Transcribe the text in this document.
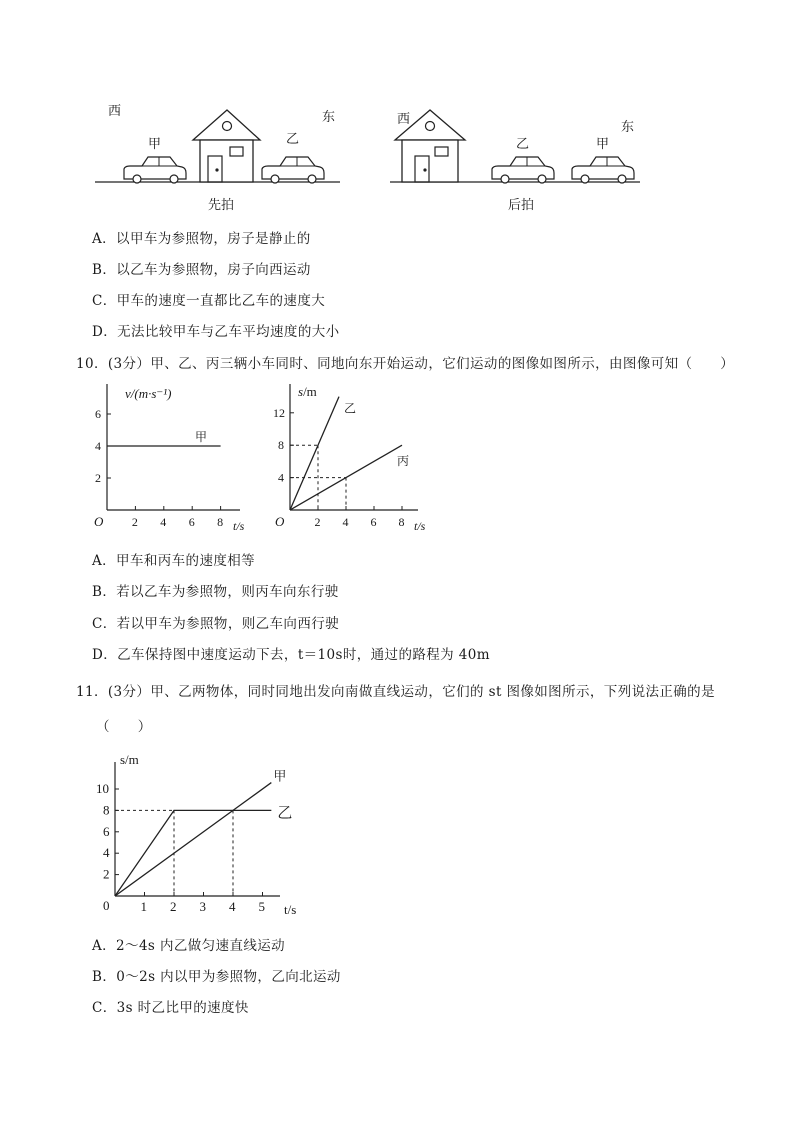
西	东
甲	乙
西
东
乙	甲
先拍	后拍
A．以甲车为参照物，房子是静止的
B．以乙车为参照物，房子向西运动
C．甲车的速度一直都比乙车的速度大
D．无法比较甲车与乙车平均速度的大小
10．(3分）甲、乙、丙三辆小车同时、同地向东开始运动，它们运动的图像如图所示，由图像可知（　　）
2
4
6
2 4 6 8
v/(m·s⁻¹)
t/s
O
甲
4
8
12
2 4 6 8
s/m
t/s
O
乙
丙
A．甲车和丙车的速度相等
B．若以乙车为参照物，则丙车向东行驶
C．若以甲车为参照物，则乙车向西行驶
D．乙车保持图中速度运动下去，t＝10s时，通过的路程为 40m
11．(3分）甲、乙两物体，同时同地出发向南做直线运动，它们的 st 图像如图所示，下列说法正确的是
（　　）
2
4
6
8
10
1 2 3 4 5
s/m
t/s
0
甲
乙
A．2～4s 内乙做匀速直线运动
B．0～2s 内以甲为参照物，乙向北运动
C．3s 时乙比甲的速度快
